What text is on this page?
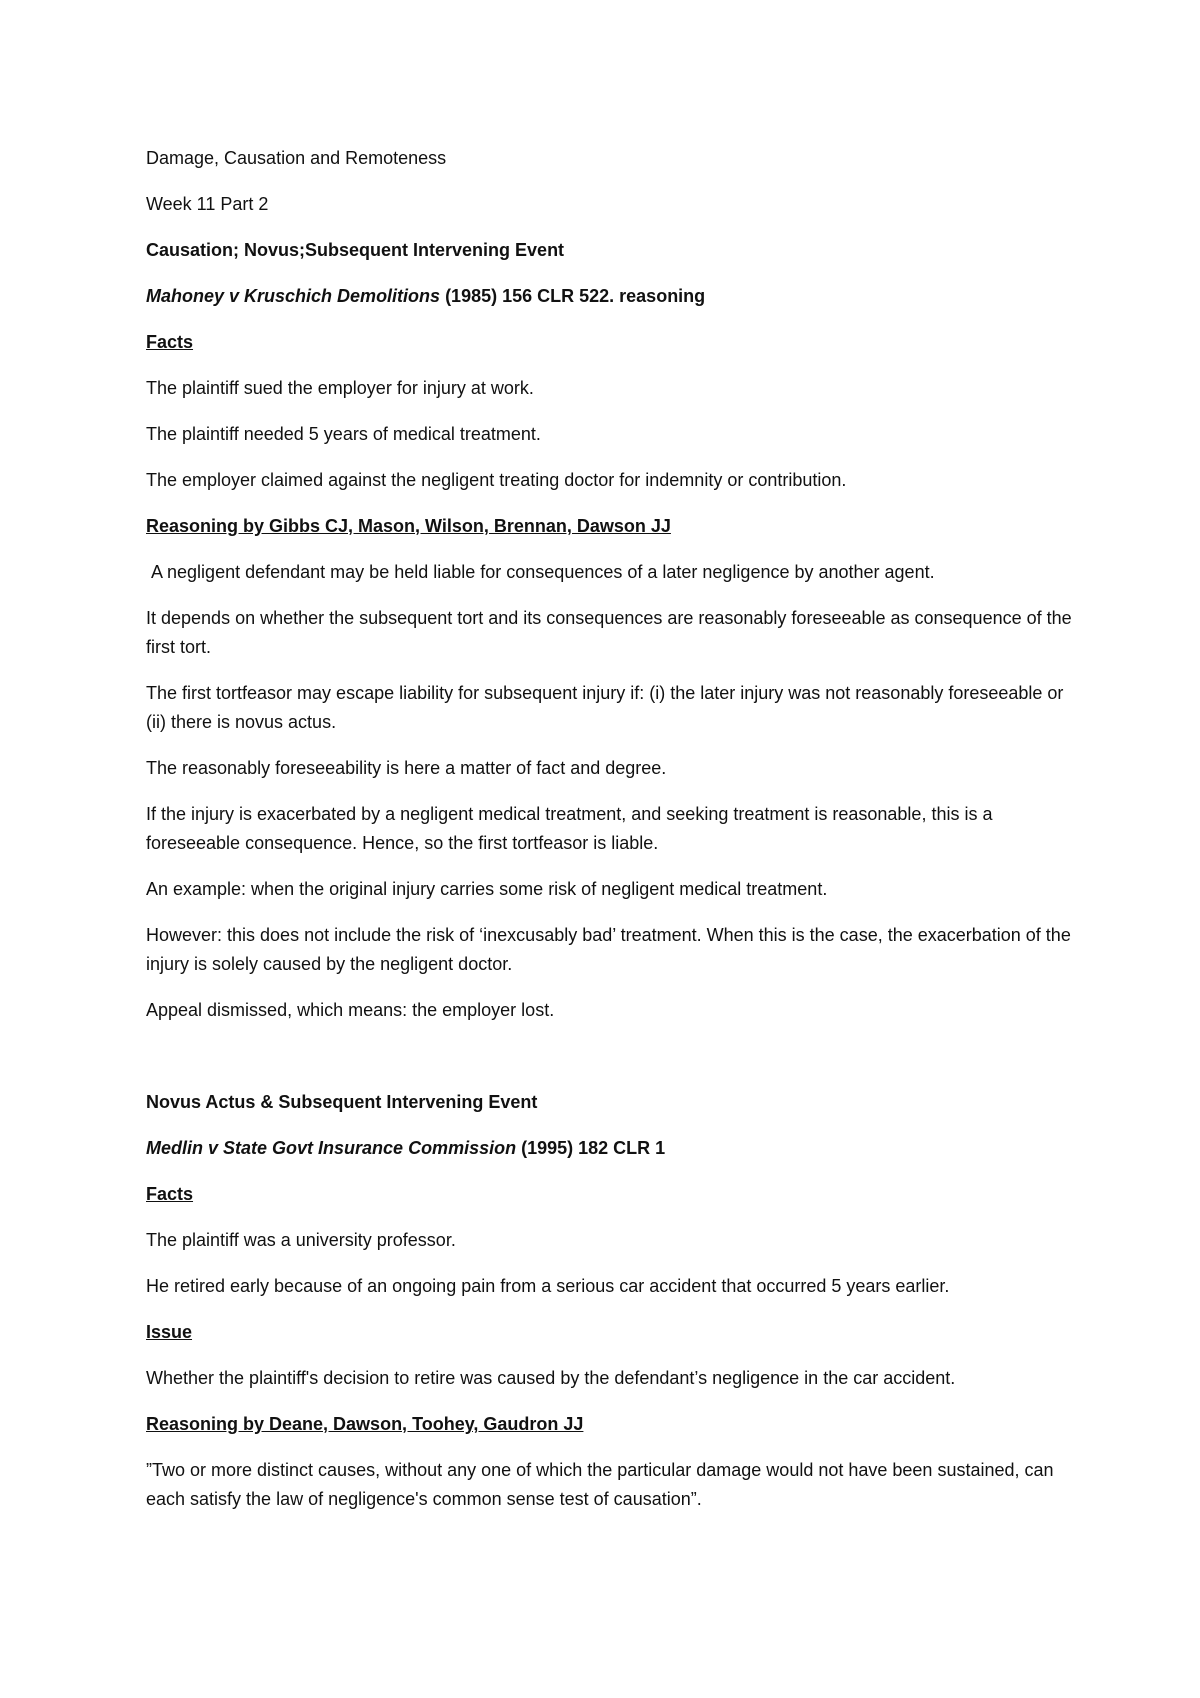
Damage, Causation and Remoteness

Week 11 Part 2

Causation; Novus;Subsequent Intervening Event

Mahoney v Kruschich Demolitions (1985) 156 CLR 522. reasoning

Facts

The plaintiff sued the employer for injury at work.

The plaintiff needed 5 years of medical treatment.

The employer claimed against the negligent treating doctor for indemnity or contribution.

Reasoning by Gibbs CJ, Mason, Wilson, Brennan, Dawson JJ

A negligent defendant may be held liable for consequences of a later negligence by another agent.

It depends on whether the subsequent tort and its consequences are reasonably foreseeable as consequence of the first tort.

The first tortfeasor may escape liability for subsequent injury if: (i) the later injury was not reasonably foreseeable or (ii) there is novus actus.

The reasonably foreseeability is here a matter of fact and degree.

If the injury is exacerbated by a negligent medical treatment, and seeking treatment is reasonable, this is a foreseeable consequence. Hence, so the first tortfeasor is liable.

An example: when the original injury carries some risk of negligent medical treatment.

However: this does not include the risk of ‘inexcusably bad’ treatment. When this is the case, the exacerbation of the injury is solely caused by the negligent doctor.

Appeal dismissed, which means: the employer lost.

Novus Actus & Subsequent Intervening Event

Medlin v State Govt Insurance Commission (1995) 182 CLR 1

Facts

The plaintiff was a university professor.

He retired early because of an ongoing pain from a serious car accident that occurred 5 years earlier.

Issue

Whether the plaintiff's decision to retire was caused by the defendant’s negligence in the car accident.

Reasoning by Deane, Dawson, Toohey, Gaudron JJ

”Two or more distinct causes, without any one of which the particular damage would not have been sustained, can each satisfy the law of negligence's common sense test of causation”.
